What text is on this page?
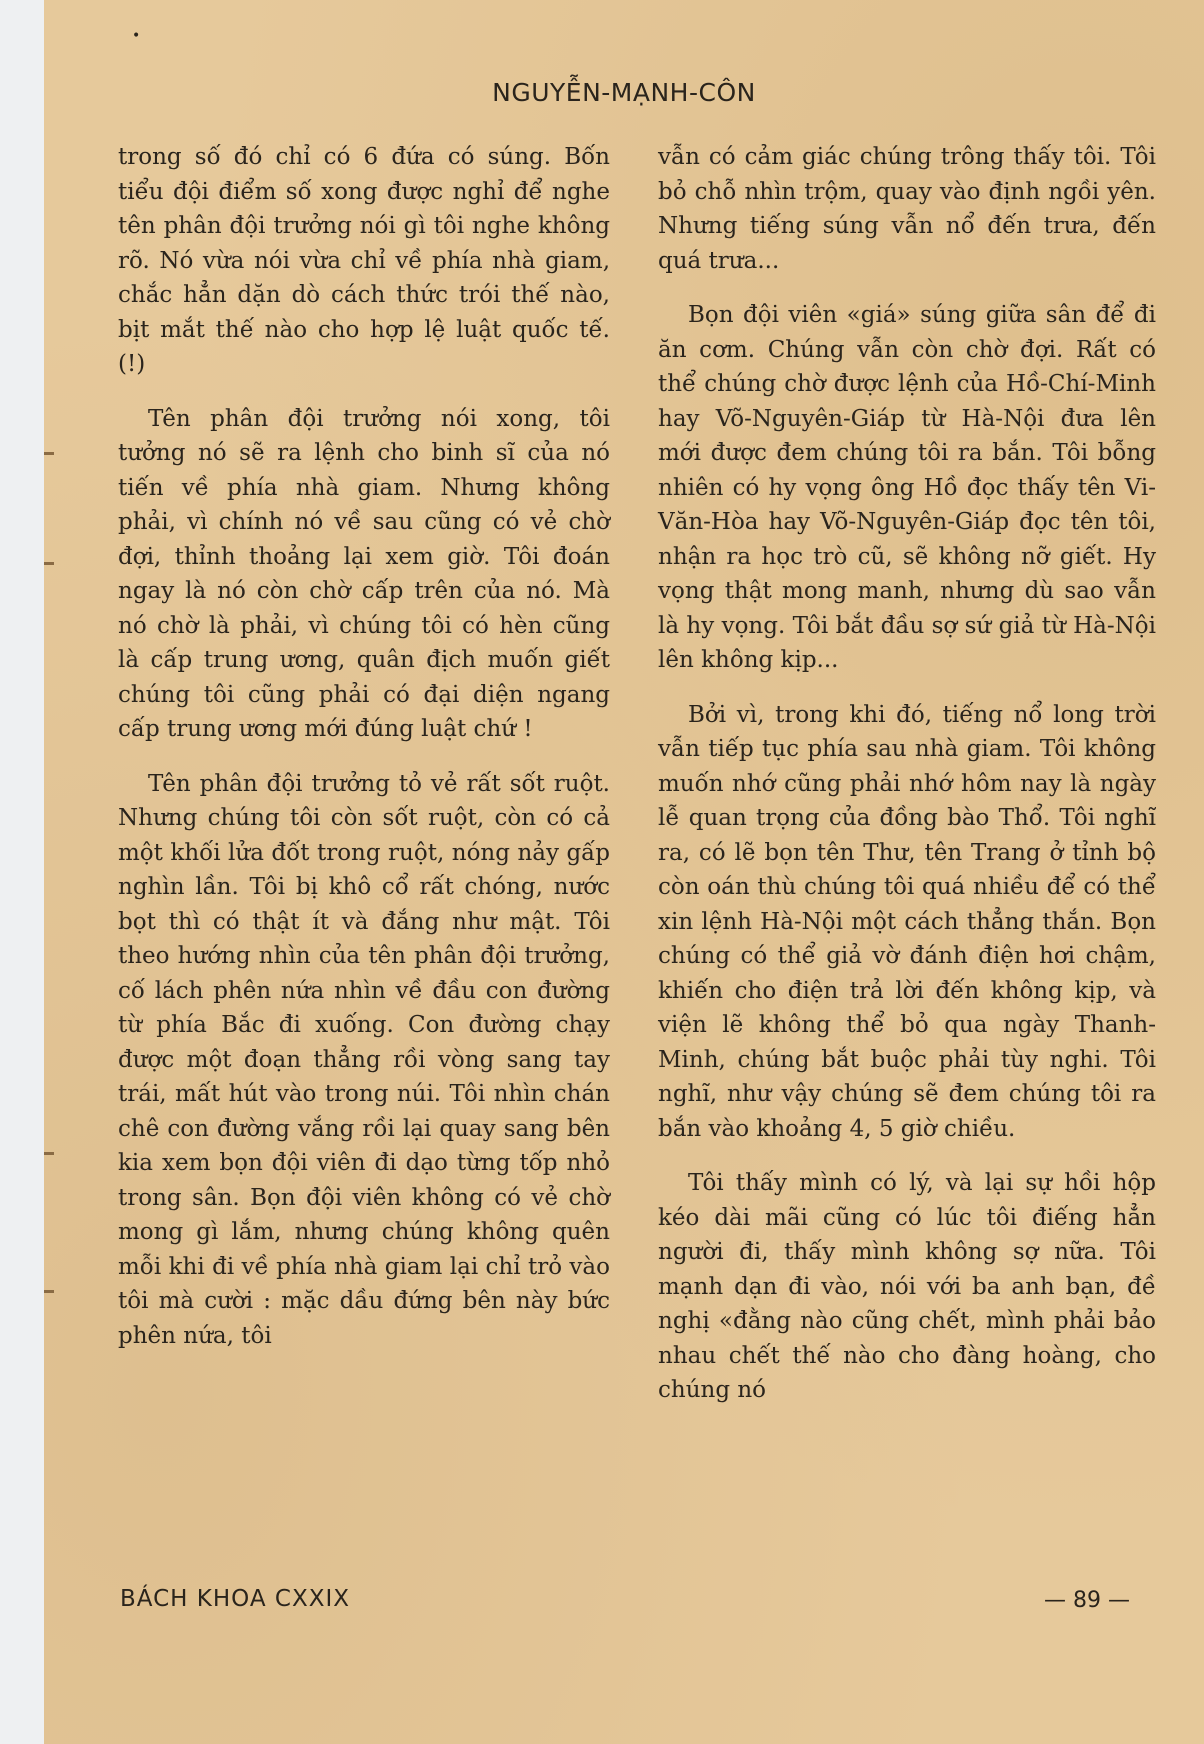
•
NGUYỄN-MẠNH-CÔN

trong số đó chỉ có 6 đứa có súng. Bốn tiểu đội điểm số xong được nghỉ để nghe tên phân đội trưởng nói gì tôi nghe không rõ. Nó vừa nói vừa chỉ về phía nhà giam, chắc hẳn dặn dò cách thức trói thế nào, bịt mắt thế nào cho hợp lệ luật quốc tế. (!)

Tên phân đội trưởng nói xong, tôi tưởng nó sẽ ra lệnh cho binh sĩ của nó tiến về phía nhà giam. Nhưng không phải, vì chính nó về sau cũng có vẻ chờ đợi, thỉnh thoảng lại xem giờ. Tôi đoán ngay là nó còn chờ cấp trên của nó. Mà nó chờ là phải, vì chúng tôi có hèn cũng là cấp trung ương, quân địch muốn giết chúng tôi cũng phải có đại diện ngang cấp trung ương mới đúng luật chứ !

Tên phân đội trưởng tỏ vẻ rất sốt ruột. Nhưng chúng tôi còn sốt ruột, còn có cả một khối lửa đốt trong ruột, nóng nảy gấp nghìn lần. Tôi bị khô cổ rất chóng, nước bọt thì có thật ít và đắng như mật. Tôi theo hướng nhìn của tên phân đội trưởng, cố lách phên nứa nhìn về đầu con đường từ phía Bắc đi xuống. Con đường chạy được một đoạn thẳng rồi vòng sang tay trái, mất hút vào trong núi. Tôi nhìn chán chê con đường vắng rồi lại quay sang bên kia xem bọn đội viên đi dạo từng tốp nhỏ trong sân. Bọn đội viên không có vẻ chờ mong gì lắm, nhưng chúng không quên mỗi khi đi về phía nhà giam lại chỉ trỏ vào tôi mà cười : mặc dầu đứng bên này bức phên nứa, tôi

vẫn có cảm giác chúng trông thấy tôi. Tôi bỏ chỗ nhìn trộm, quay vào định ngồi yên. Nhưng tiếng súng vẫn nổ đến trưa, đến quá trưa...

Bọn đội viên «giá» súng giữa sân để đi ăn cơm. Chúng vẫn còn chờ đợi. Rất có thể chúng chờ được lệnh của Hồ-Chí-Minh hay Võ-Nguyên-Giáp từ Hà-Nội đưa lên mới được đem chúng tôi ra bắn. Tôi bỗng nhiên có hy vọng ông Hồ đọc thấy tên Vi-Văn-Hòa hay Võ-Nguyên-Giáp đọc tên tôi, nhận ra học trò cũ, sẽ không nỡ giết. Hy vọng thật mong manh, nhưng dù sao vẫn là hy vọng. Tôi bắt đầu sợ sứ giả từ Hà-Nội lên không kịp...

Bởi vì, trong khi đó, tiếng nổ long trời vẫn tiếp tục phía sau nhà giam. Tôi không muốn nhớ cũng phải nhớ hôm nay là ngày lễ quan trọng của đồng bào Thổ. Tôi nghĩ ra, có lẽ bọn tên Thư, tên Trang ở tỉnh bộ còn oán thù chúng tôi quá nhiều để có thể xin lệnh Hà-Nội một cách thẳng thắn. Bọn chúng có thể giả vờ đánh điện hơi chậm, khiến cho điện trả lời đến không kịp, và viện lẽ không thể bỏ qua ngày Thanh-Minh, chúng bắt buộc phải tùy nghi. Tôi nghĩ, như vậy chúng sẽ đem chúng tôi ra bắn vào khoảng 4, 5 giờ chiều.

Tôi thấy mình có lý, và lại sự hồi hộp kéo dài mãi cũng có lúc tôi điếng hẳn người đi, thấy mình không sợ nữa. Tôi mạnh dạn đi vào, nói với ba anh bạn, đề nghị «đằng nào cũng chết, mình phải bảo nhau chết thế nào cho đàng hoàng, cho chúng nó

BÁCH KHOA CXXIX	— 89 —
